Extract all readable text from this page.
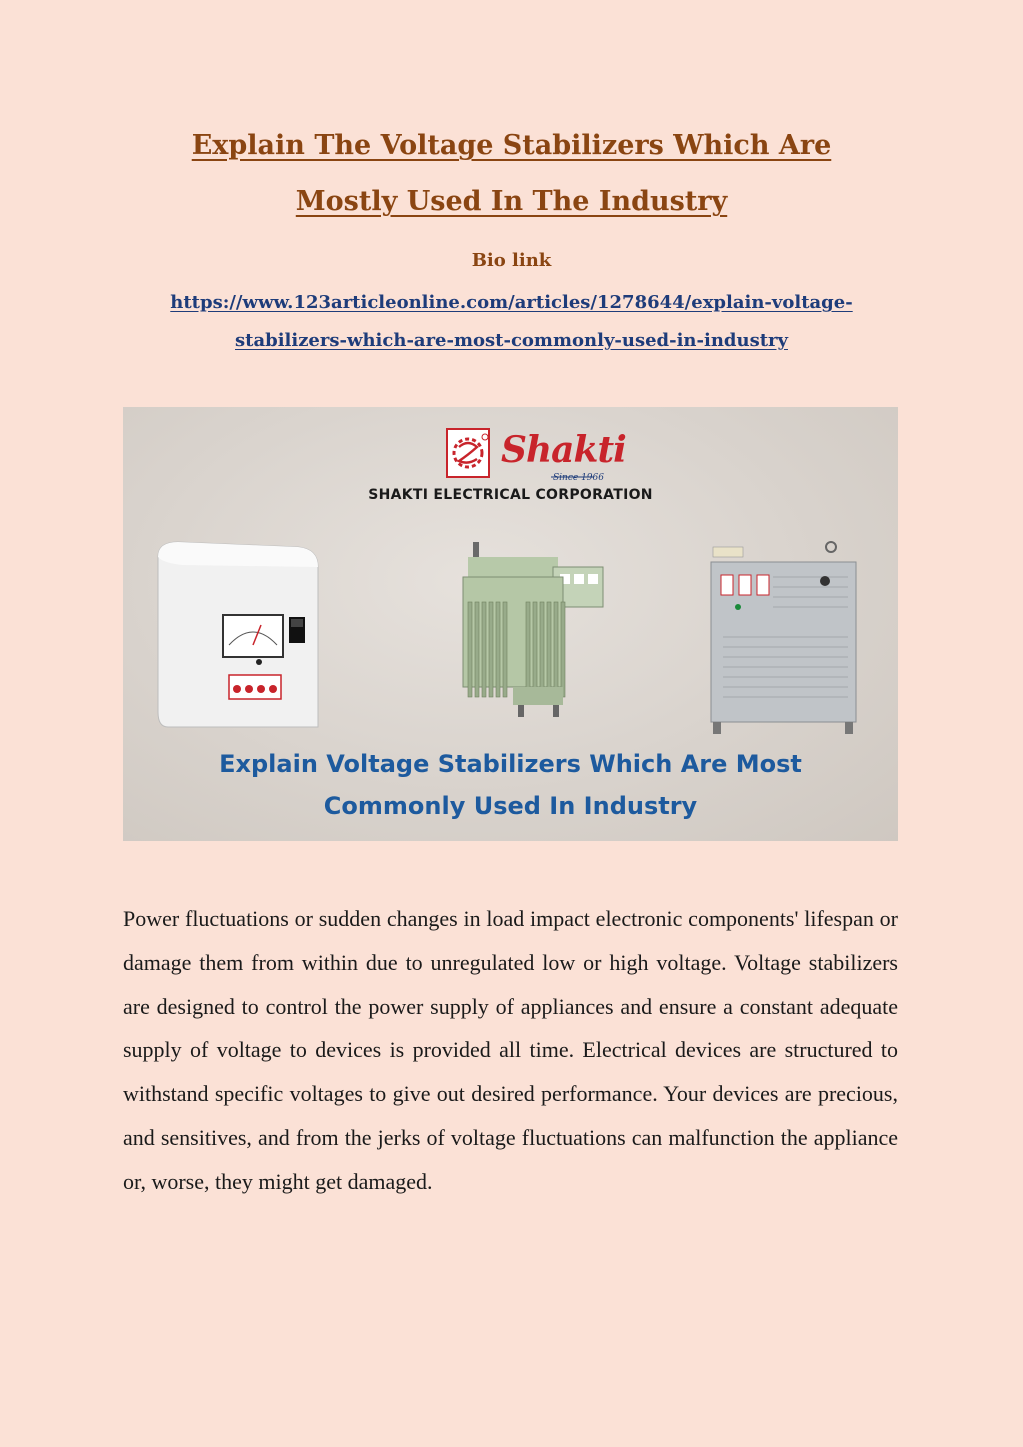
Explain The Voltage Stabilizers Which Are
Mostly Used In The Industry
Bio link
https://www.123articleonline.com/articles/1278644/explain-voltage-
stabilizers-which-are-most-commonly-used-in-industry
Shakti
Since 1966
SHAKTI ELECTRICAL CORPORATION
Explain Voltage Stabilizers Which Are Most
Commonly Used In Industry

Power fluctuations or sudden changes in load impact electronic components' lifespan or damage them from within due to unregulated low or high voltage. Voltage stabilizers are designed to control the power supply of appliances and ensure a constant adequate supply of voltage to devices is provided all time. Electrical devices are structured to withstand specific voltages to give out desired performance. Your devices are precious, and sensitives, and from the jerks of voltage fluctuations can malfunction the appliance or, worse, they might get damaged.
